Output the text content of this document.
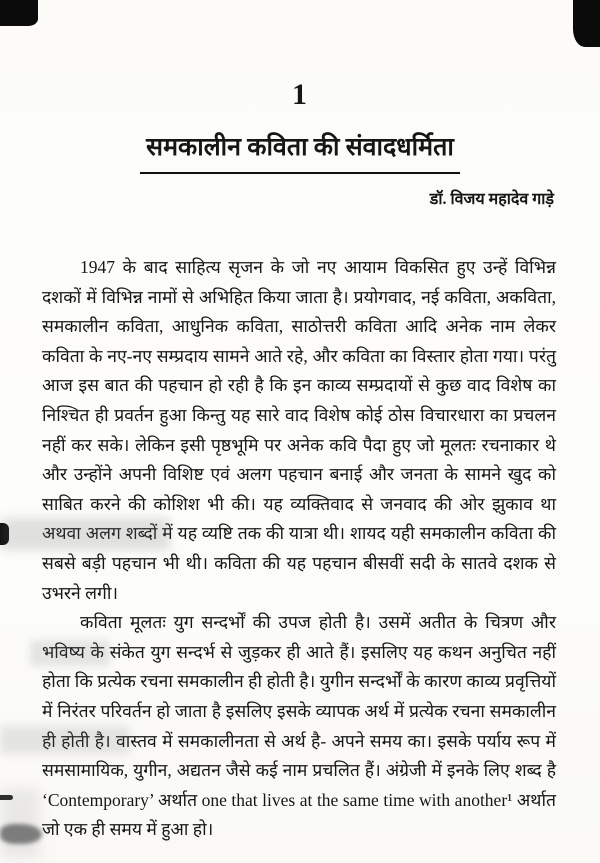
1
समकालीन कविता की संवादधर्मिता
डॉ. विजय महादेव गाड़े

1947 के बाद साहित्य सृजन के जो नए आयाम विकसित हुए उन्हें विभिन्न दशकों में विभिन्न नामों से अभिहित किया जाता है। प्रयोगवाद, नई कविता, अकविता, समकालीन कविता, आधुनिक कविता, साठोत्तरी कविता आदि अनेक नाम लेकर कविता के नए-नए सम्प्रदाय सामने आते रहे, और कविता का विस्तार होता गया। परंतु आज इस बात की पहचान हो रही है कि इन काव्य सम्प्रदायों से कुछ वाद विशेष का निश्चित ही प्रवर्तन हुआ किन्तु यह सारे वाद विशेष कोई ठोस विचारधारा का प्रचलन नहीं कर सके। लेकिन इसी पृष्ठभूमि पर अनेक कवि पैदा हुए जो मूलतः रचनाकार थे और उन्होंने अपनी विशिष्ट एवं अलग पहचान बनाई और जनता के सामने खुद को साबित करने की कोशिश भी की। यह व्यक्तिवाद से जनवाद की ओर झुकाव था अथवा अलग शब्दों में यह व्यष्टि तक की यात्रा थी। शायद यही समकालीन कविता की सबसे बड़ी पहचान भी थी। कविता की यह पहचान बीसवीं सदी के सातवे दशक से उभरने लगी।

कविता मूलतः युग सन्दर्भों की उपज होती है। उसमें अतीत के चित्रण और भविष्य के संकेत युग सन्दर्भ से जुड़कर ही आते हैं। इसलिए यह कथन अनुचित नहीं होता कि प्रत्येक रचना समकालीन ही होती है। युगीन सन्दर्भों के कारण काव्य प्रवृत्तियों में निरंतर परिवर्तन हो जाता है इसलिए इसके व्यापक अर्थ में प्रत्येक रचना समकालीन ही होती है। वास्तव में समकालीनता से अर्थ है- अपने समय का। इसके पर्याय रूप में समसामायिक, युगीन, अद्यतन जैसे कई नाम प्रचलित हैं। अंग्रेजी में इनके लिए शब्द है ‘Contemporary’ अर्थात one that lives at the same time with another¹ अर्थात जो एक ही समय में हुआ हो।
